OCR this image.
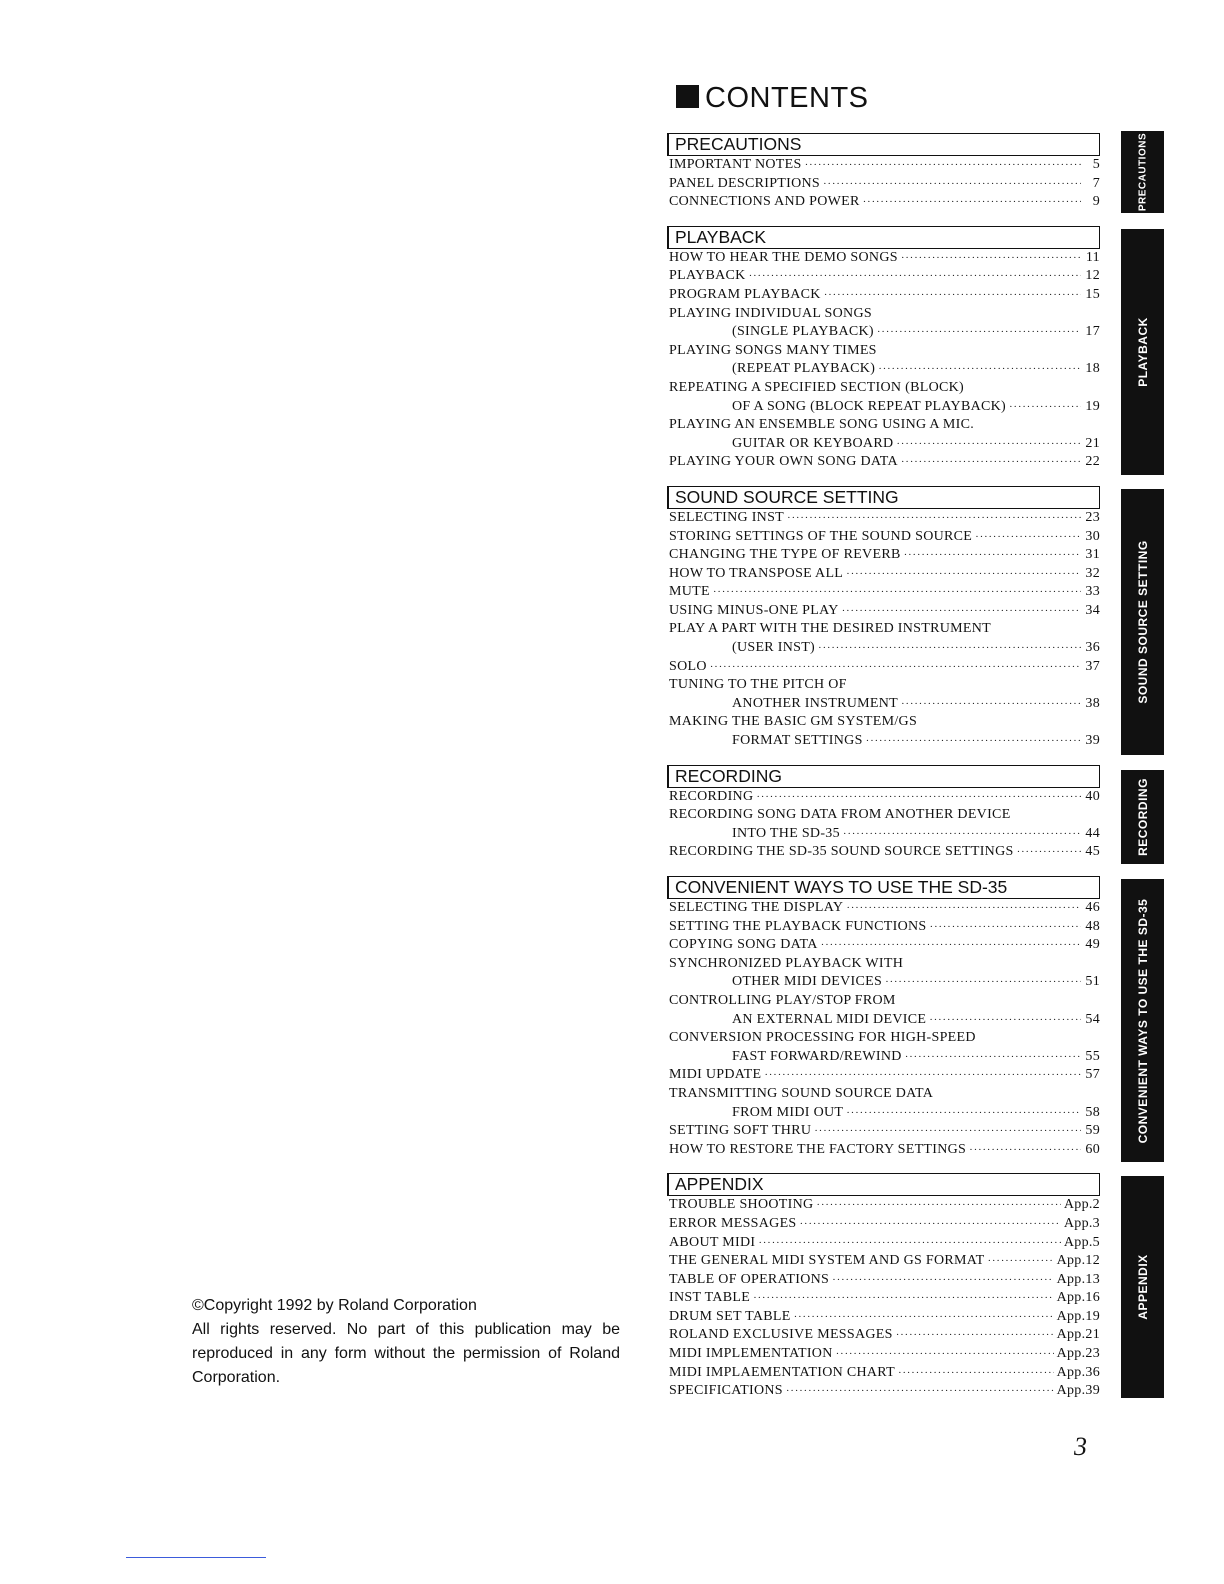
CONTENTS
PRECAUTIONS
IMPORTANT NOTES · · ·	5
PANEL DESCRIPTIONS · · ·	7
CONNECTIONS AND POWER · · ·	9
PLAYBACK
HOW TO HEAR THE DEMO SONGS · · ·	11
PLAYBACK · · ·	12
PROGRAM PLAYBACK · · ·	15
PLAYING INDIVIDUAL SONGS
(SINGLE PLAYBACK) · · ·	17
PLAYING SONGS MANY TIMES
(REPEAT PLAYBACK) · · ·	18
REPEATING A SPECIFIED SECTION (BLOCK)
OF A SONG (BLOCK REPEAT PLAYBACK) · · ·	19
PLAYING AN ENSEMBLE SONG USING A MIC.
GUITAR OR KEYBOARD · · ·	21
PLAYING YOUR OWN SONG DATA · · ·	22
SOUND SOURCE SETTING
SELECTING INST · · ·	23
STORING SETTINGS OF THE SOUND SOURCE · · ·	30
CHANGING THE TYPE OF REVERB · · ·	31
HOW TO TRANSPOSE ALL · · ·	32
MUTE · · ·	33
USING MINUS-ONE PLAY · · ·	34
PLAY A PART WITH THE DESIRED INSTRUMENT
(USER INST) · · ·	36
SOLO · · ·	37
TUNING TO THE PITCH OF
ANOTHER INSTRUMENT · · ·	38
MAKING THE BASIC GM SYSTEM/GS
FORMAT SETTINGS · · ·	39
RECORDING
RECORDING · · ·	40
RECORDING SONG DATA FROM ANOTHER DEVICE
INTO THE SD-35 · · ·	44
RECORDING THE SD-35 SOUND SOURCE SETTINGS · · ·	45
CONVENIENT WAYS TO USE THE SD-35
SELECTING THE DISPLAY · · ·	46
SETTING THE PLAYBACK FUNCTIONS · · ·	48
COPYING SONG DATA · · ·	49
SYNCHRONIZED PLAYBACK WITH
OTHER MIDI DEVICES · · ·	51
CONTROLLING PLAY/STOP FROM
AN EXTERNAL MIDI DEVICE · · ·	54
CONVERSION PROCESSING FOR HIGH-SPEED
FAST FORWARD/REWIND · · ·	55
MIDI UPDATE · · ·	57
TRANSMITTING SOUND SOURCE DATA
FROM MIDI OUT · · ·	58
SETTING SOFT THRU · · ·	59
HOW TO RESTORE THE FACTORY SETTINGS · · ·	60
APPENDIX
TROUBLE SHOOTING · · ·	App.2
ERROR MESSAGES · · ·	App.3
ABOUT MIDI · · ·	App.5
THE GENERAL MIDI SYSTEM AND GS FORMAT · · ·	App.12
TABLE OF OPERATIONS · · ·	App.13
INST TABLE · · ·	App.16
DRUM SET TABLE · · ·	App.19
ROLAND EXCLUSIVE MESSAGES · · ·	App.21
MIDI IMPLEMENTATION · · ·	App.23
MIDI IMPLAEMENTATION CHART · · ·	App.36
SPECIFICATIONS · · ·	App.39
PRECAUTIONS
PLAYBACK
SOUND SOURCE SETTING
RECORDING
CONVENIENT WAYS TO USE THE SD-35
APPENDIX
©Copyright 1992 by Roland Corporation
All rights reserved. No part of this publication may be reproduced in any form without the permission of Roland Corporation.
3
